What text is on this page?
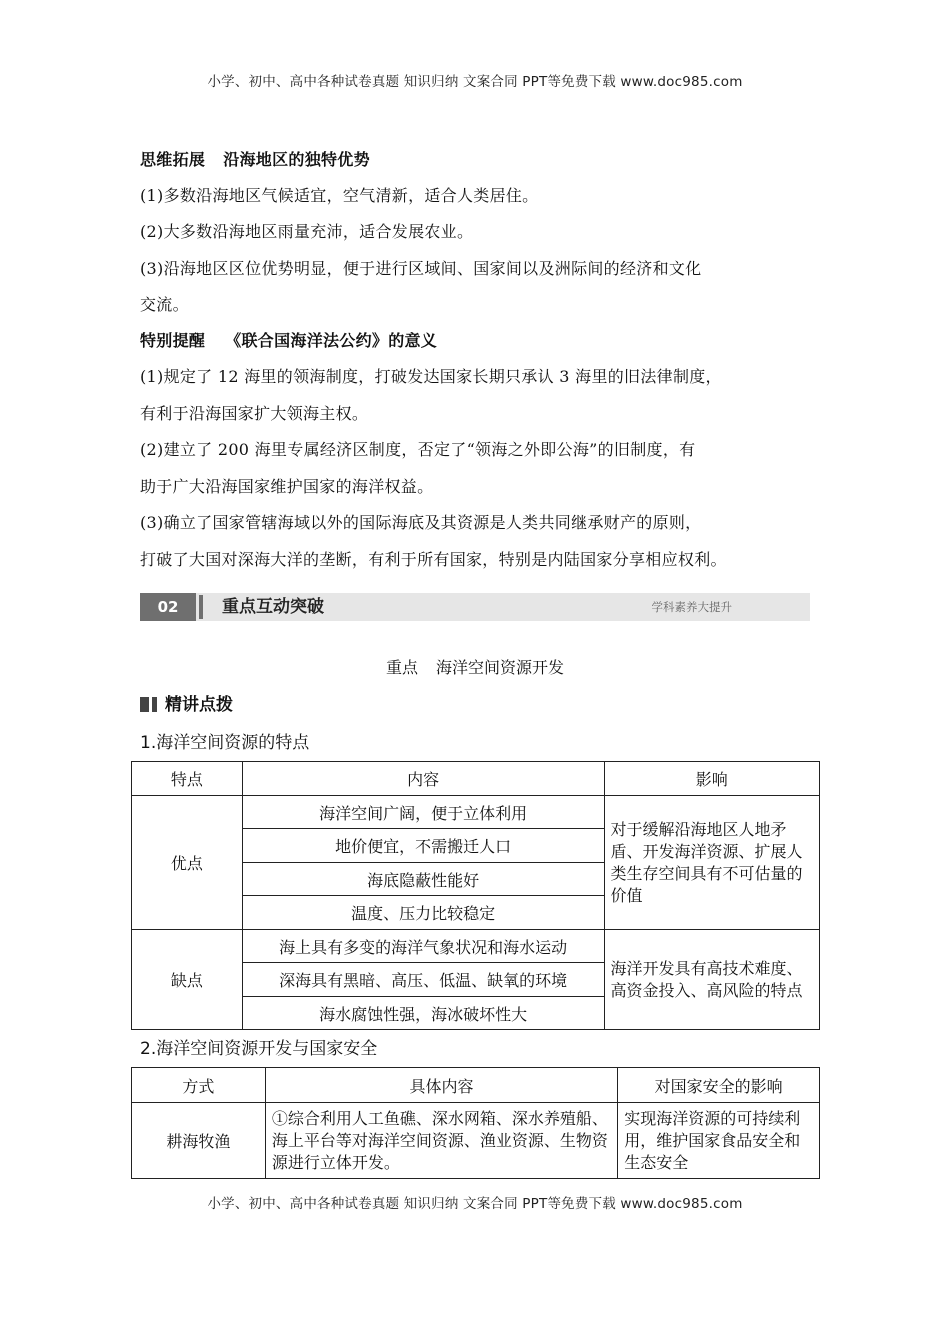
小学、初中、高中各种试卷真题 知识归纳 文案合同 PPT等免费下载 www.doc985.com
思维拓展 沿海地区的独特优势
(1)多数沿海地区气候适宜，空气清新，适合人类居住。
(2)大多数沿海地区雨量充沛，适合发展农业。
(3)沿海地区区位优势明显，便于进行区域间、国家间以及洲际间的经济和文化
交流。
特别提醒 《联合国海洋法公约》的意义
(1)规定了 12 海里的领海制度，打破发达国家长期只承认 3 海里的旧法律制度，
有利于沿海国家扩大领海主权。
(2)建立了 200 海里专属经济区制度，否定了“领海之外即公海”的旧制度，有
助于广大沿海国家维护国家的海洋权益。
(3)确立了国家管辖海域以外的国际海底及其资源是人类共同继承财产的原则，
打破了大国对深海大洋的垄断，有利于所有国家，特别是内陆国家分享相应权利。
02	重点互动突破	学科素养大提升
重点 海洋空间资源开发
精讲点拨
1.海洋空间资源的特点
特点	内容	影响
优点	海洋空间广阔，便于立体利用	对于缓解沿海地区人地矛盾、开发海洋资源、扩展人类生存空间具有不可估量的价值
	地价便宜，不需搬迁人口	
	海底隐蔽性能好	
	温度、压力比较稳定	
缺点	海上具有多变的海洋气象状况和海水运动	海洋开发具有高技术难度、高资金投入、高风险的特点
	深海具有黑暗、高压、低温、缺氧的环境	
	海水腐蚀性强，海冰破坏性大	
2.海洋空间资源开发与国家安全
方式	具体内容	对国家安全的影响
耕海牧渔	①综合利用人工鱼礁、深水网箱、深水养殖船、海上平台等对海洋空间资源、渔业资源、生物资源进行立体开发。	实现海洋资源的可持续利用，维护国家食品安全和生态安全
小学、初中、高中各种试卷真题 知识归纳 文案合同 PPT等免费下载 www.doc985.com
